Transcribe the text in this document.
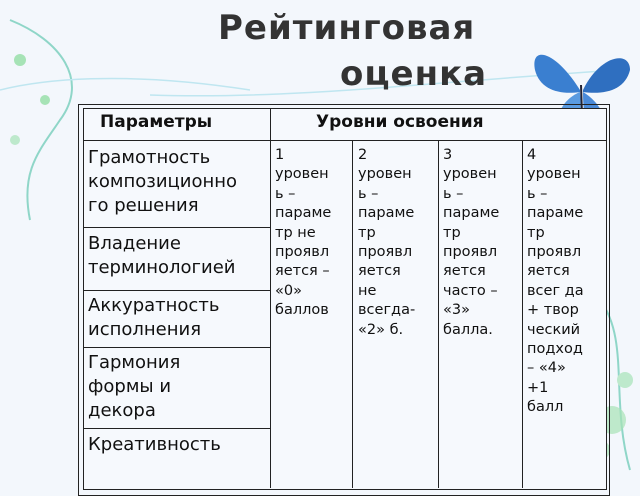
Рейтинговая
оценка
Параметры	Уровни освоения
Грамотность
композиционно
го решения
Владение
терминологией
Аккуратность
исполнения
Гармония
формы и
декора
Креативность
1
уровен
ь –
параме
тр не
проявл
яется –
«0»
баллов
2
уровен
ь –
параме
тр
проявл
яется
не
всегда-
«2» б.
3
уровен
ь –
параме
тр
проявл
яется
часто –
«3»
балла.
4
уровен
ь –
параме
тр
проявл
яется
всег да
+ твор
ческий
подход
– «4»
+1
балл
